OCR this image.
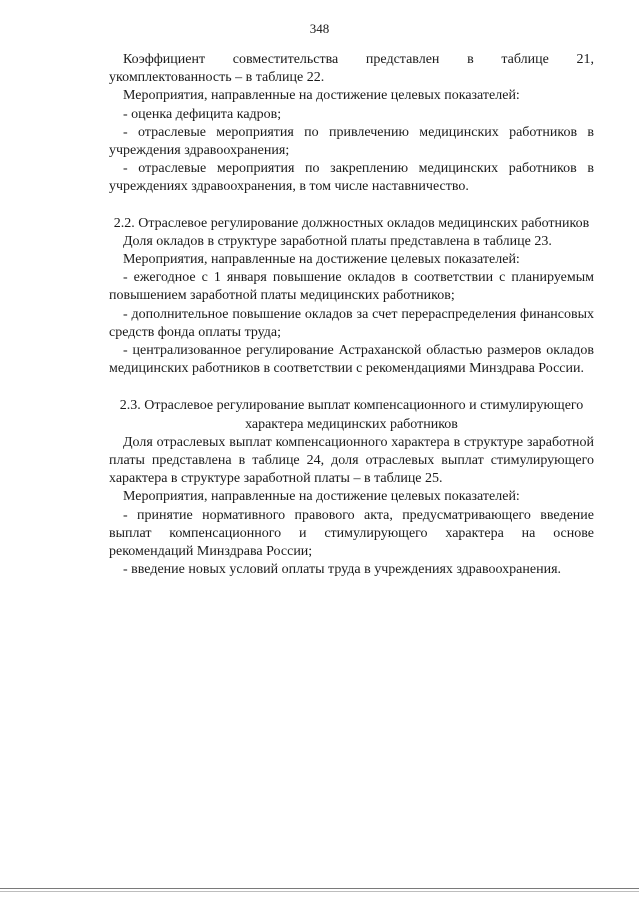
348

Коэффициент совместительства представлен в таблице 21, укомплектованность – в таблице 22.

Мероприятия, направленные на достижение целевых показателей:

- оценка дефицита кадров;

- отраслевые мероприятия по привлечению медицинских работников в учреждения здравоохранения;

- отраслевые мероприятия по закреплению медицинских работников в учреждениях здравоохранения, в том числе наставничество.

2.2. Отраслевое регулирование должностных окладов медицинских работников

Доля окладов в структуре заработной платы представлена в таблице 23.

Мероприятия, направленные на достижение целевых показателей:

- ежегодное с 1 января повышение окладов в соответствии с планируемым повышением заработной платы медицинских работников;

- дополнительное повышение окладов за счет перераспределения финансовых средств фонда оплаты труда;

- централизованное регулирование Астраханской областью размеров окладов медицинских работников в соответствии с рекомендациями Минздрава России.

2.3. Отраслевое регулирование выплат компенсационного и стимулирующего характера медицинских работников

Доля отраслевых выплат компенсационного характера в структуре заработной платы представлена в таблице 24, доля отраслевых выплат стимулирующего характера в структуре заработной платы – в таблице 25.

Мероприятия, направленные на достижение целевых показателей:

- принятие нормативного правового акта, предусматривающего введение выплат компенсационного и стимулирующего характера на основе рекомендаций Минздрава России;

- введение новых условий оплаты труда в учреждениях здравоохранения.
